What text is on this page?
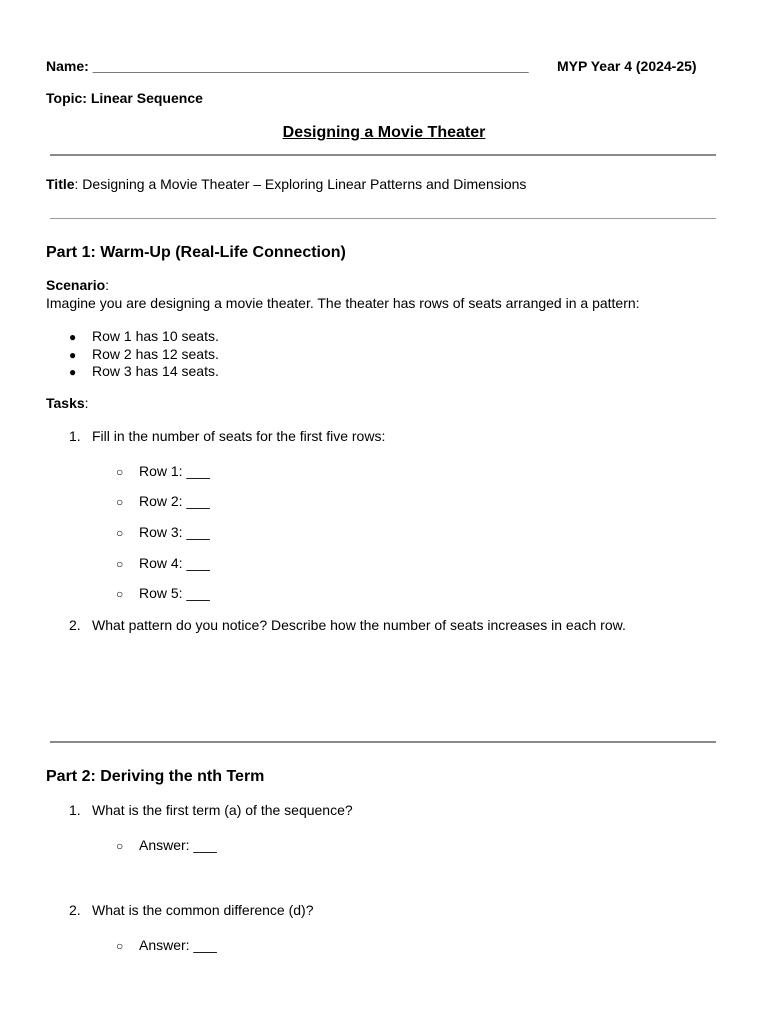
Name: ________________________________________________________ MYP Year 4 (2024-25)
Topic: Linear Sequence
Designing a Movie Theater
Title: Designing a Movie Theater – Exploring Linear Patterns and Dimensions
Part 1: Warm-Up (Real-Life Connection)
Scenario:
Imagine you are designing a movie theater. The theater has rows of seats arranged in a pattern:
● Row 1 has 10 seats.
● Row 2 has 12 seats.
● Row 3 has 14 seats.
Tasks:
1. Fill in the number of seats for the first five rows:
○ Row 1: ___
○ Row 2: ___
○ Row 3: ___
○ Row 4: ___
○ Row 5: ___
2. What pattern do you notice? Describe how the number of seats increases in each row.
Part 2: Deriving the nth Term
1. What is the first term (a) of the sequence?
○ Answer: ___
2. What is the common difference (d)?
○ Answer: ___
